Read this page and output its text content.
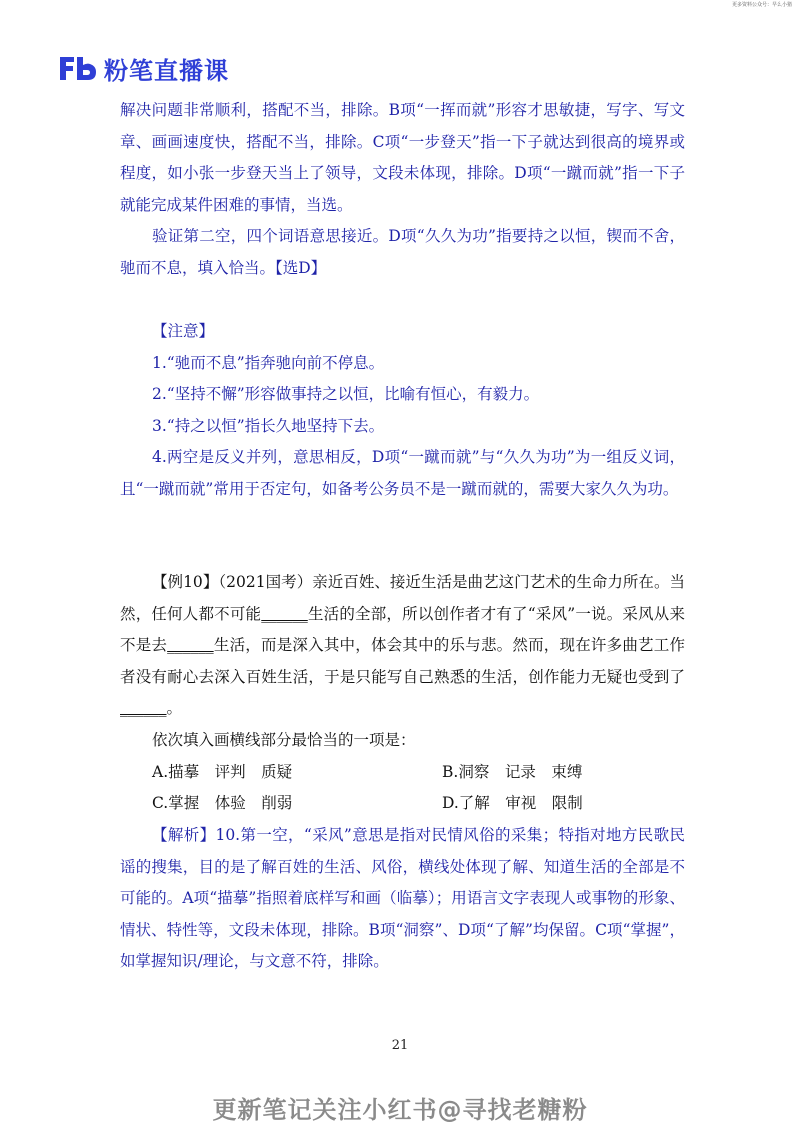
更多资料公众号：早么小猪
粉笔直播课

解决问题非常顺利，搭配不当，排除。B项“一挥而就”形容才思敏捷，写字、写文章、画画速度快，搭配不当，排除。C项“一步登天”指一下子就达到很高的境界或程度，如小张一步登天当上了领导，文段未体现，排除。D项“一蹴而就”指一下子就能完成某件困难的事情，当选。

验证第二空，四个词语意思接近。D项“久久为功”指要持之以恒，锲而不舍，驰而不息，填入恰当。【选D】

【注意】

1.“驰而不息”指奔驰向前不停息。

2.“坚持不懈”形容做事持之以恒，比喻有恒心，有毅力。

3.“持之以恒”指长久地坚持下去。

4.两空是反义并列，意思相反，D项“一蹴而就”与“久久为功”为一组反义词，且“一蹴而就”常用于否定句，如备考公务员不是一蹴而就的，需要大家久久为功。

【例10】（2021国考）亲近百姓、接近生活是曲艺这门艺术的生命力所在。当然，任何人都不可能______生活的全部，所以创作者才有了“采风”一说。采风从来不是去______生活，而是深入其中，体会其中的乐与悲。然而，现在许多曲艺工作者没有耐心去深入百姓生活，于是只能写自己熟悉的生活，创作能力无疑也受到了______。

依次填入画横线部分最恰当的一项是：

A.描摹　评判　质疑	B.洞察　记录　束缚
C.掌握　体验　削弱	D.了解　审视　限制

【解析】10.第一空，“采风”意思是指对民情风俗的采集；特指对地方民歌民谣的搜集，目的是了解百姓的生活、风俗，横线处体现了解、知道生活的全部是不可能的。A项“描摹”指照着底样写和画（临摹）；用语言文字表现人或事物的形象、情状、特性等，文段未体现，排除。B项“洞察”、D项“了解”均保留。C项“掌握”，如掌握知识/理论，与文意不符，排除。

21
更新笔记关注小红书@寻找老糖粉
